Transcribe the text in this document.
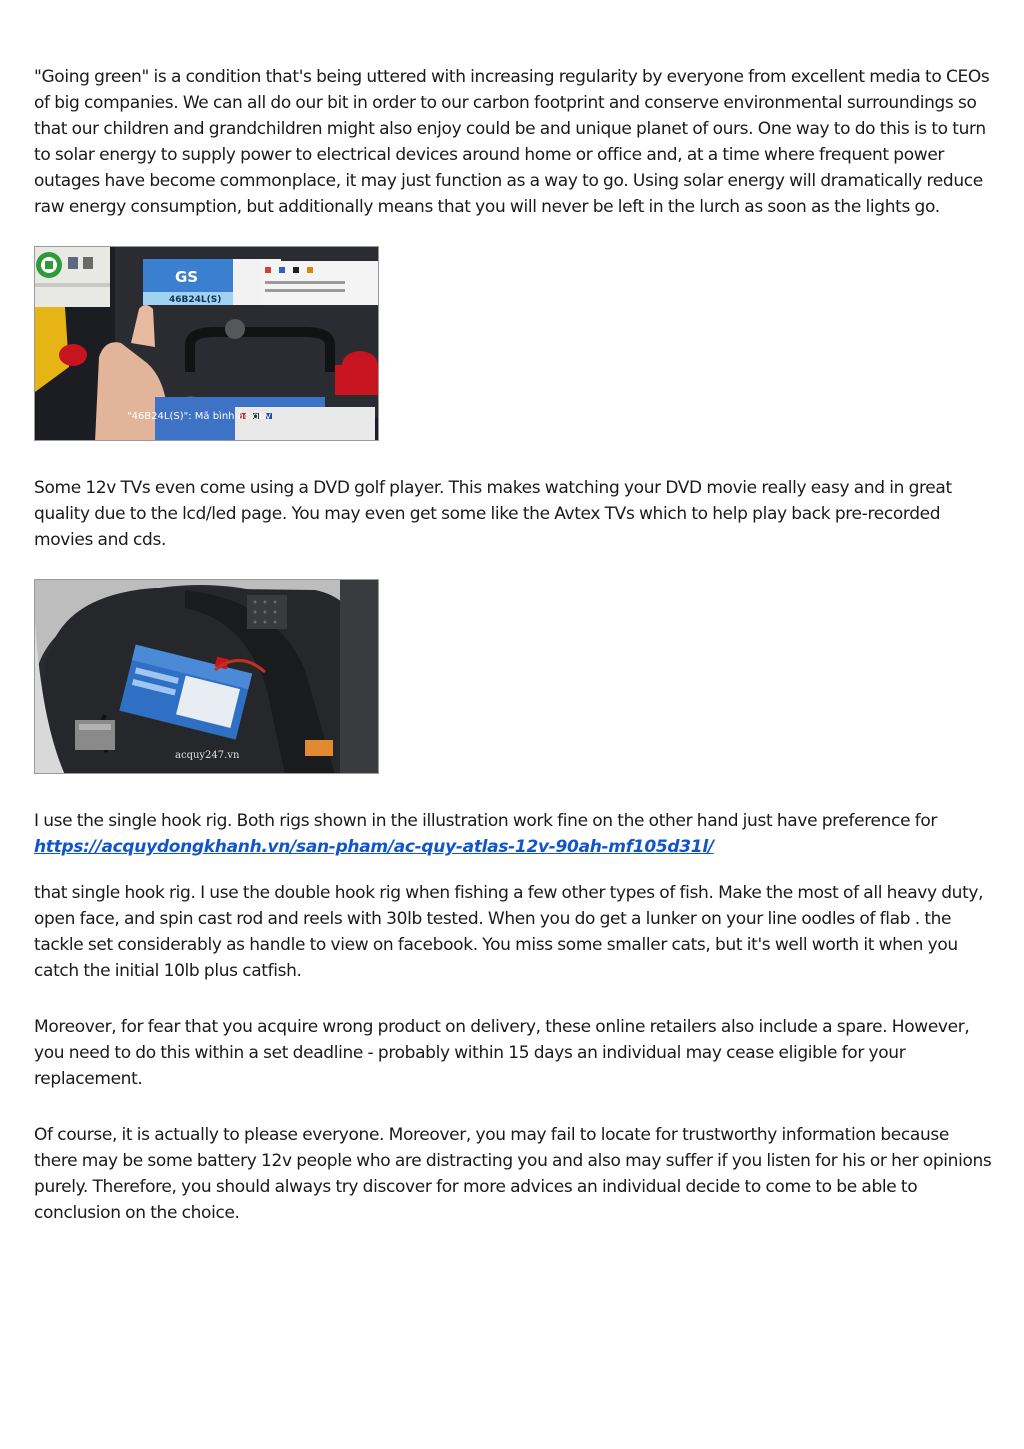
"Going green" is a condition that's being uttered with increasing regularity by everyone from excellent media to CEOs of big companies. We can all do our bit in order to our carbon footprint and conserve environmental surroundings so that our children and grandchildren might also enjoy could be and unique planet of ours. One way to do this is to turn to solar energy to supply power to electrical devices around home or office and, at a time where frequent power outages have become commonplace, it may just function as a way to go. Using solar energy will dramatically reduce raw energy consumption, but additionally means that you will never be left in the lurch as soon as the lights go.

GS
46B24L(S)
"46B24L(S)": Mã bình ắc quy

Some 12v TVs even come using a DVD golf player. This makes watching your DVD movie really easy and in great quality due to the lcd/led page. You may even get some like the Avtex TVs which to help play back pre-recorded movies and cds.

acquy247.vn

I use the single hook rig. Both rigs shown in the illustration work fine on the other hand just have preference for

https://acquydongkhanh.vn/san-pham/ac-quy-atlas-12v-90ah-mf105d31l/

that single hook rig. I use the double hook rig when fishing a few other types of fish. Make the most of all heavy duty, open face, and spin cast rod and reels with 30lb tested. When you do get a lunker on your line oodles of flab . the tackle set considerably as handle to view on facebook. You miss some smaller cats, but it's well worth it when you catch the initial 10lb plus catfish.

Moreover, for fear that you acquire wrong product on delivery, these online retailers also include a spare. However, you need to do this within a set deadline - probably within 15 days an individual may cease eligible for your replacement.

Of course, it is actually to please everyone. Moreover, you may fail to locate for trustworthy information because there may be some battery 12v people who are distracting you and also may suffer if you listen for his or her opinions purely. Therefore, you should always try discover for more advices an individual decide to come to be able to conclusion on the choice.
